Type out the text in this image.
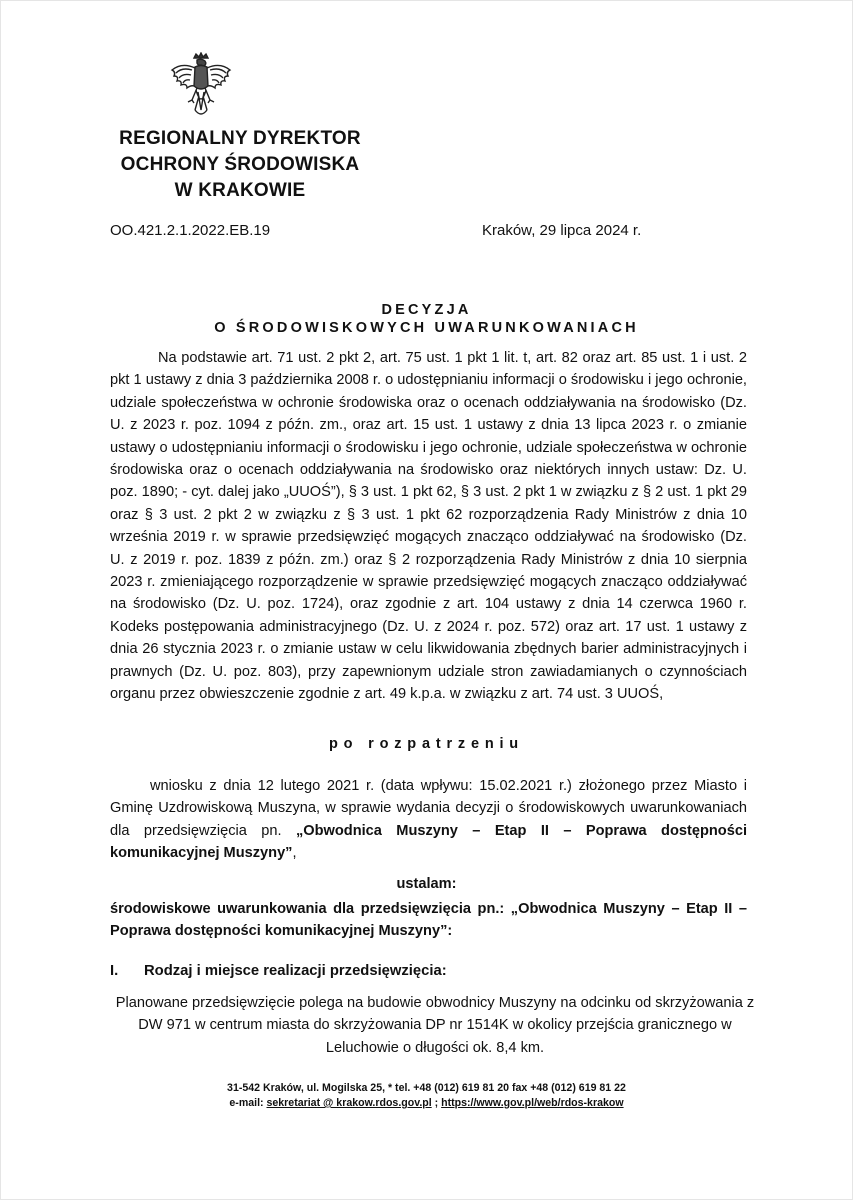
REGIONALNY DYREKTOR
OCHRONY ŚRODOWISKA
W KRAKOWIE
OO.421.2.1.2022.EB.19	Kraków, 29 lipca 2024 r.
DECYZJA
O ŚRODOWISKOWYCH UWARUNKOWANIACH
Na podstawie art. 71 ust. 2 pkt 2, art. 75 ust. 1 pkt 1 lit. t, art. 82 oraz art. 85 ust. 1 i ust. 2 pkt 1 ustawy z dnia 3 października 2008 r. o udostępnianiu informacji o środowisku i jego ochronie, udziale społeczeństwa w ochronie środowiska oraz o ocenach oddziaływania na środowisko (Dz. U. z 2023 r. poz. 1094 z późn. zm., oraz art. 15 ust. 1 ustawy z dnia 13 lipca 2023 r. o zmianie ustawy o udostępnianiu informacji o środowisku i jego ochronie, udziale społeczeństwa w ochronie środowiska oraz o ocenach oddziaływania na środowisko oraz niektórych innych ustaw: Dz. U. poz. 1890; - cyt. dalej jako „UUOŚ”), § 3 ust. 1 pkt 62, § 3 ust. 2 pkt 1 w związku z § 2 ust. 1 pkt 29 oraz § 3 ust. 2 pkt 2 w związku z § 3 ust. 1 pkt 62 rozporządzenia Rady Ministrów z dnia 10 września 2019 r. w sprawie przedsięwzięć mogących znacząco oddziaływać na środowisko (Dz. U. z 2019 r. poz. 1839 z późn. zm.) oraz § 2 rozporządzenia Rady Ministrów z dnia 10 sierpnia 2023 r. zmieniającego rozporządzenie w sprawie przedsięwzięć mogących znacząco oddziaływać na środowisko (Dz. U. poz. 1724), oraz zgodnie z art. 104 ustawy z dnia 14 czerwca 1960 r. Kodeks postępowania administracyjnego (Dz. U. z 2024 r. poz. 572) oraz art. 17 ust. 1 ustawy z dnia 26 stycznia 2023 r. o zmianie ustaw w celu likwidowania zbędnych barier administracyjnych i prawnych (Dz. U. poz. 803), przy zapewnionym udziale stron zawiadamianych o czynnościach organu przez obwieszczenie zgodnie z art. 49 k.p.a. w związku z art. 74 ust. 3 UUOŚ,
po rozpatrzeniu
wniosku z dnia 12 lutego 2021 r. (data wpływu: 15.02.2021 r.) złożonego przez Miasto i Gminę Uzdrowiskową Muszyna, w sprawie wydania decyzji o środowiskowych uwarunkowaniach dla przedsięwzięcia pn. „Obwodnica Muszyny – Etap II – Poprawa dostępności komunikacyjnej Muszyny”,
ustalam:
środowiskowe uwarunkowania dla przedsięwzięcia pn.: „Obwodnica Muszyny – Etap II – Poprawa dostępności komunikacyjnej Muszyny”:
I. Rodzaj i miejsce realizacji przedsięwzięcia:
Planowane przedsięwzięcie polega na budowie obwodnicy Muszyny na odcinku od skrzyżowania z DW 971 w centrum miasta do skrzyżowania DP nr 1514K w okolicy przejścia granicznego w Leluchowie o długości ok. 8,4 km.
31-542 Kraków, ul. Mogilska 25, * tel. +48 (012) 619 81 20 fax +48 (012) 619 81 22
e-mail: sekretariat @ krakow.rdos.gov.pl ; https://www.gov.pl/web/rdos-krakow
